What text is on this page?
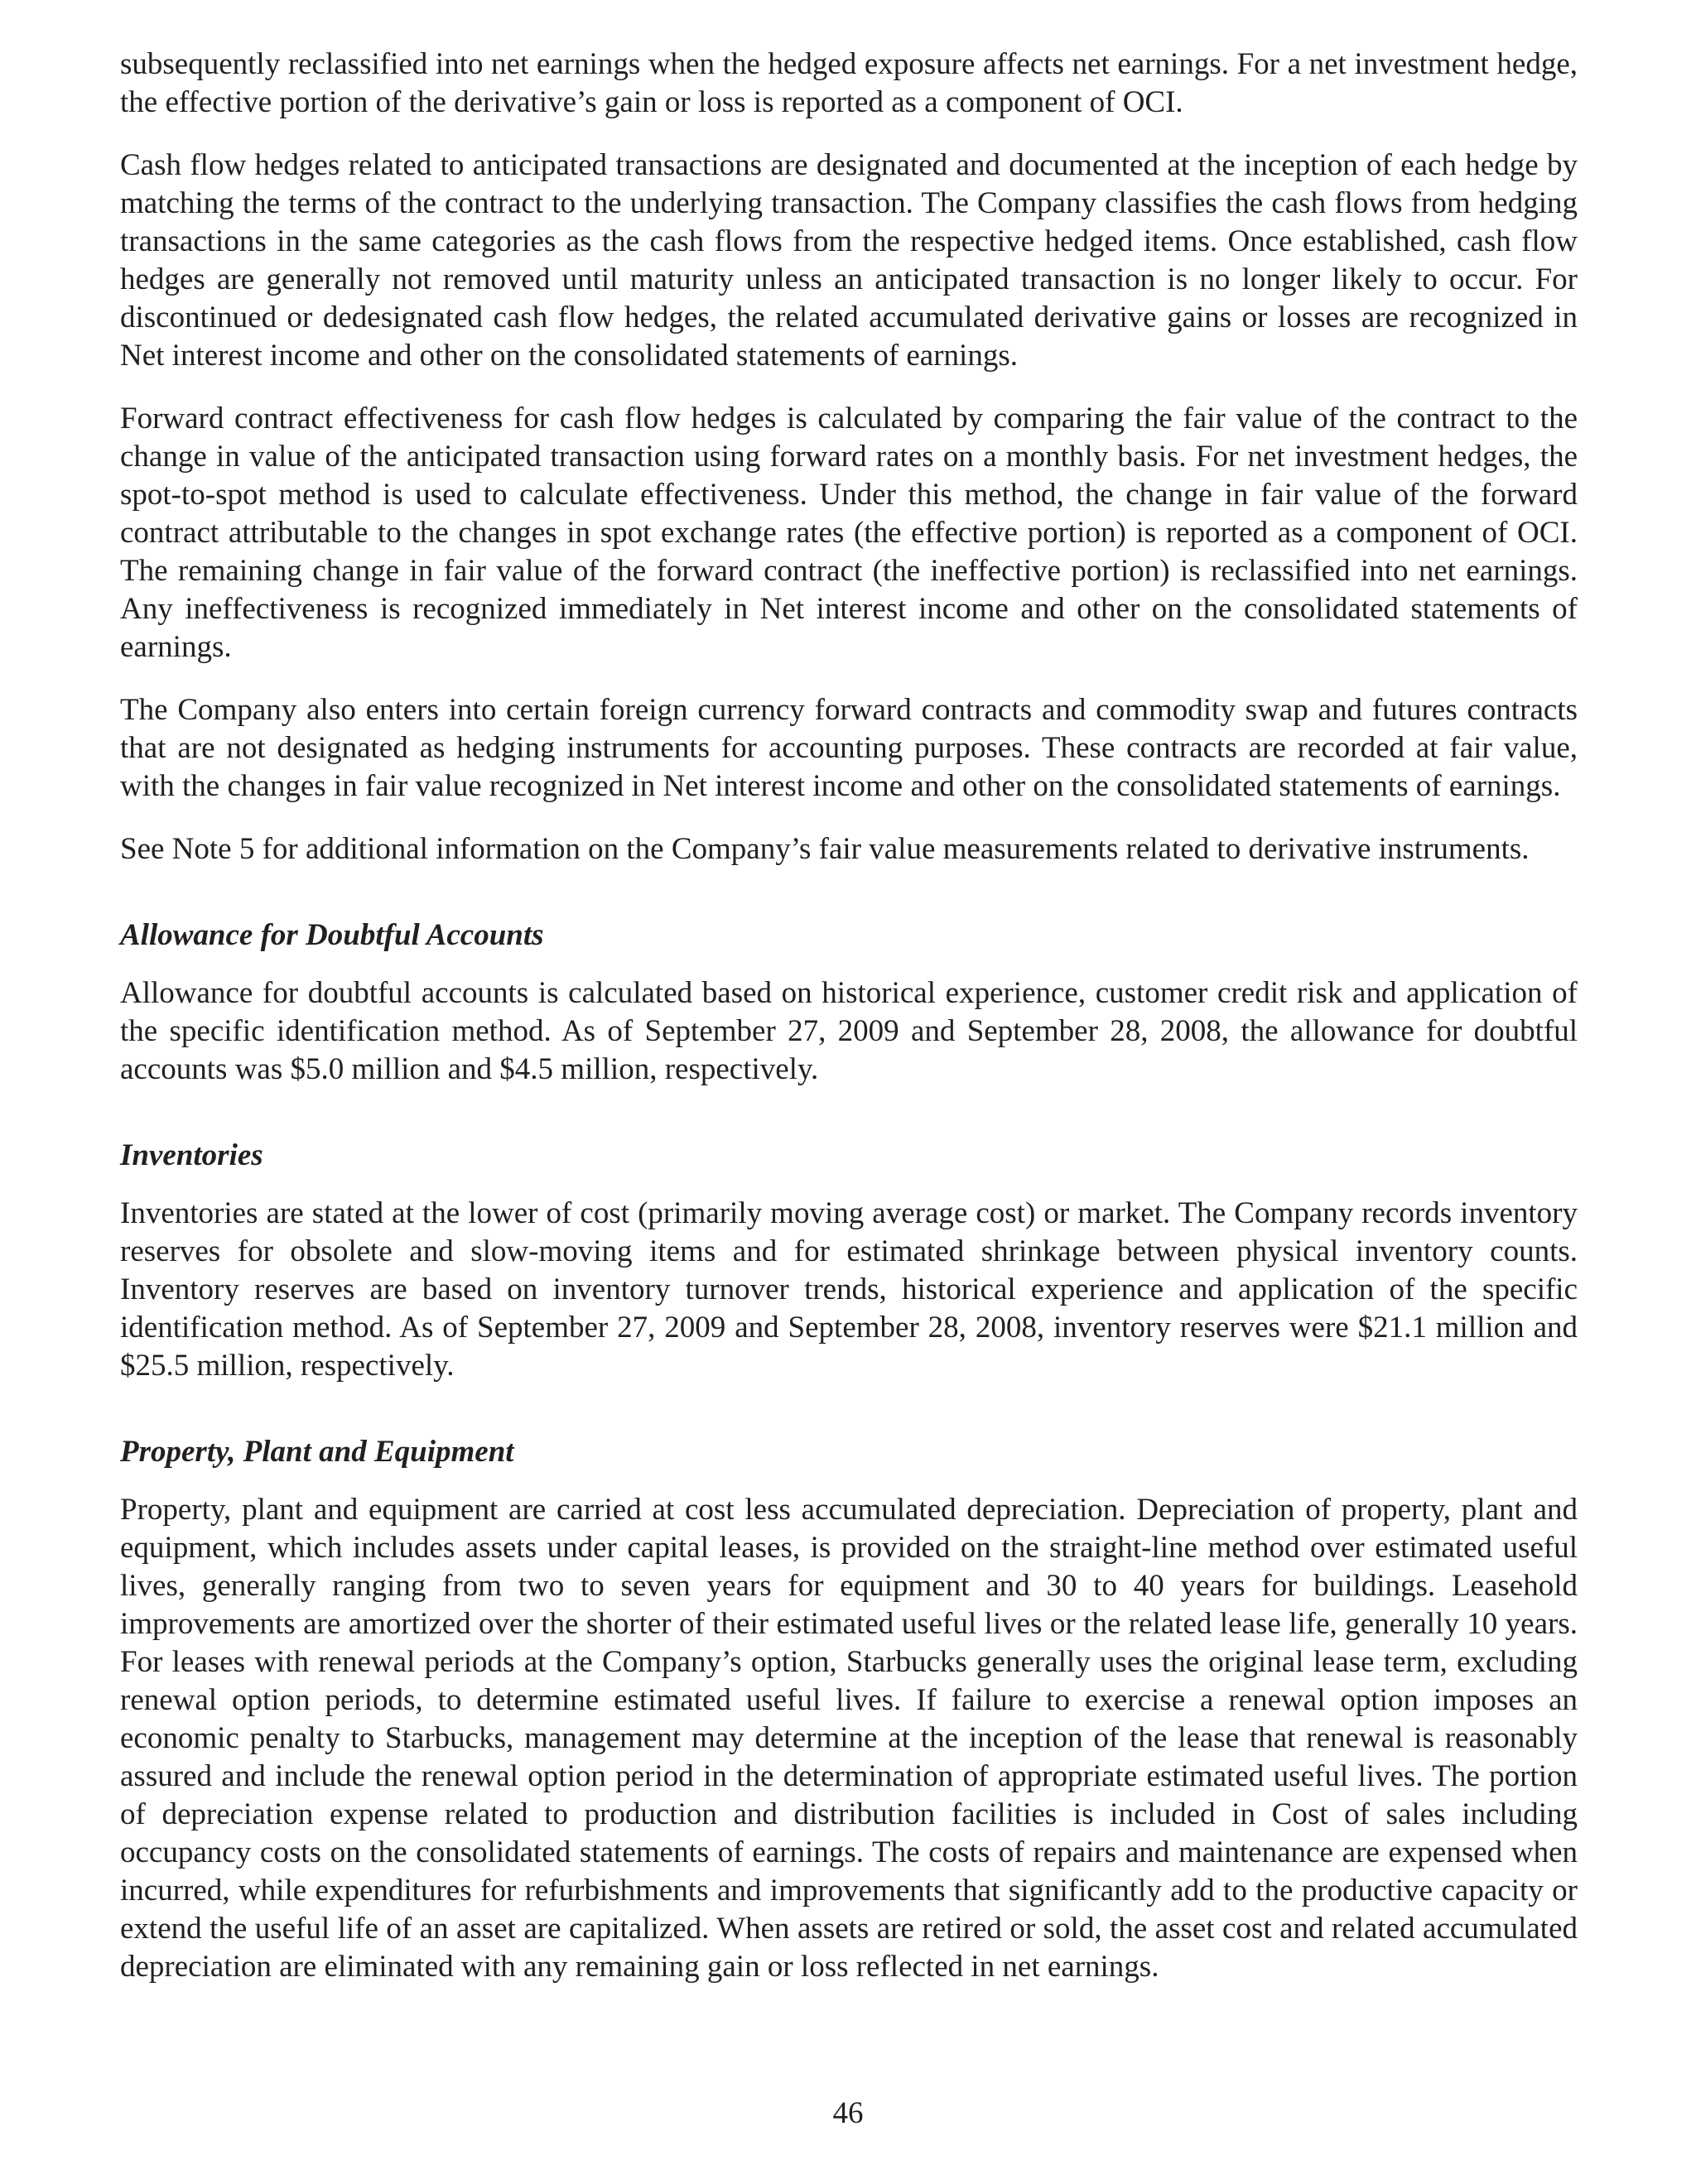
subsequently reclassified into net earnings when the hedged exposure affects net earnings. For a net investment hedge, the effective portion of the derivative’s gain or loss is reported as a component of OCI.

Cash flow hedges related to anticipated transactions are designated and documented at the inception of each hedge by matching the terms of the contract to the underlying transaction. The Company classifies the cash flows from hedging transactions in the same categories as the cash flows from the respective hedged items. Once established, cash flow hedges are generally not removed until maturity unless an anticipated transaction is no longer likely to occur. For discontinued or dedesignated cash flow hedges, the related accumulated derivative gains or losses are recognized in Net interest income and other on the consolidated statements of earnings.

Forward contract effectiveness for cash flow hedges is calculated by comparing the fair value of the contract to the change in value of the anticipated transaction using forward rates on a monthly basis. For net investment hedges, the spot-to-spot method is used to calculate effectiveness. Under this method, the change in fair value of the forward contract attributable to the changes in spot exchange rates (the effective portion) is reported as a component of OCI. The remaining change in fair value of the forward contract (the ineffective portion) is reclassified into net earnings. Any ineffectiveness is recognized immediately in Net interest income and other on the consolidated statements of earnings.

The Company also enters into certain foreign currency forward contracts and commodity swap and futures contracts that are not designated as hedging instruments for accounting purposes. These contracts are recorded at fair value, with the changes in fair value recognized in Net interest income and other on the consolidated statements of earnings.

See Note 5 for additional information on the Company’s fair value measurements related to derivative instruments.

Allowance for Doubtful Accounts

Allowance for doubtful accounts is calculated based on historical experience, customer credit risk and application of the specific identification method. As of September 27, 2009 and September 28, 2008, the allowance for doubtful accounts was $5.0 million and $4.5 million, respectively.

Inventories

Inventories are stated at the lower of cost (primarily moving average cost) or market. The Company records inventory reserves for obsolete and slow-moving items and for estimated shrinkage between physical inventory counts. Inventory reserves are based on inventory turnover trends, historical experience and application of the specific identification method. As of September 27, 2009 and September 28, 2008, inventory reserves were $21.1 million and $25.5 million, respectively.

Property, Plant and Equipment

Property, plant and equipment are carried at cost less accumulated depreciation. Depreciation of property, plant and equipment, which includes assets under capital leases, is provided on the straight-line method over estimated useful lives, generally ranging from two to seven years for equipment and 30 to 40 years for buildings. Leasehold improvements are amortized over the shorter of their estimated useful lives or the related lease life, generally 10 years. For leases with renewal periods at the Company’s option, Starbucks generally uses the original lease term, excluding renewal option periods, to determine estimated useful lives. If failure to exercise a renewal option imposes an economic penalty to Starbucks, management may determine at the inception of the lease that renewal is reasonably assured and include the renewal option period in the determination of appropriate estimated useful lives. The portion of depreciation expense related to production and distribution facilities is included in Cost of sales including occupancy costs on the consolidated statements of earnings. The costs of repairs and maintenance are expensed when incurred, while expenditures for refurbishments and improvements that significantly add to the productive capacity or extend the useful life of an asset are capitalized. When assets are retired or sold, the asset cost and related accumulated depreciation are eliminated with any remaining gain or loss reflected in net earnings.

46
